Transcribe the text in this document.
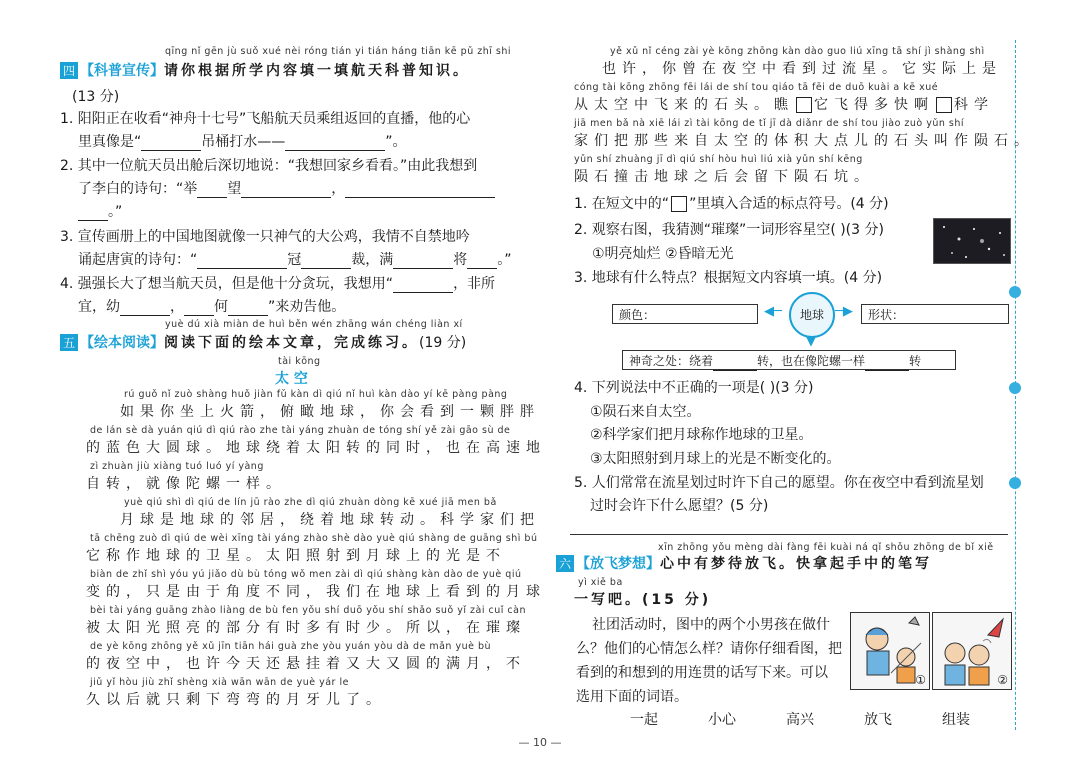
qīng nǐ gēn jù suǒ xué nèi róng tián yi tián háng tiān kē pǔ zhī shi
四 【科普宣传】请你根据所学内容填一填航天科普知识。
(13 分)
1. 阳阳正在收看“神舟十七号”飞船航天员乘组返回的直播，他的心
里真像是“	吊桶打水——	”。
2. 其中一位航天员出舱后深切地说：“我想回家乡看看。”由此我想到
了李白的诗句：“举 望	，
。”
3. 宣传画册上的中国地图就像一只神气的大公鸡，我情不自禁地吟
诵起唐寅的诗句：“	冠	裁，满	将 。”
4. 强强长大了想当航天员，但是他十分贪玩，我想用“	，非所
宜，幼	， 何	”来劝告他。
yuè dú xià miàn de huì běn wén zhāng wán chéng liàn xí
五 【绘本阅读】阅读下面的绘本文章，完成练习。(19 分)
tài kōng
太 空
rú guǒ nǐ zuò shàng huǒ jiàn fǔ kàn dì qiú nǐ huì kàn dào yí kē pàng pàng
如果你坐上火箭，俯瞰地球，你会看到一颗胖胖
de lán sè dà yuán qiú dì qiú rào zhe tài yáng zhuàn de tóng shí yě zài gāo sù de
的蓝色大圆球。地球绕着太阳转的同时，也在高速地
zì zhuàn jiù xiàng tuó luó yí yàng
自转，就像陀螺一样。
yuè qiú shì dì qiú de lín jū rào zhe dì qiú zhuàn dòng kē xué jiā men bǎ
月球是地球的邻居，绕着地球转动。科学家们把
tā chēng zuò dì qiú de wèi xīng tài yáng zhào shè dào yuè qiú shàng de guāng shì bú
它称作地球的卫星。太阳照射到月球上的光是不
biàn de zhǐ shì yóu yú jiǎo dù bù tóng wǒ men zài dì qiú shàng kàn dào de yuè qiú
变的，只是由于角度不同，我们在地球上看到的月球
bèi tài yáng guāng zhào liàng de bù fen yǒu shí duō yǒu shí shǎo suǒ yǐ zài cuǐ càn
被太阳光照亮的部分有时多有时少。所以，在璀璨
de yè kōng zhōng yě xǔ jīn tiān hái guà zhe yòu yuán yòu dà de mǎn yuè bù
的夜空中，也许今天还悬挂着又大又圆的满月，不
jiǔ yǐ hòu jiù zhǐ shèng xià wān wān de yuè yár le
久以后就只剩下弯弯的月牙儿了。
yě xǔ nǐ céng zài yè kōng zhōng kàn dào guo liú xīng tā shí jì shàng shì
也许，你曾在夜空中看到过流星。它实际上是
cóng tài kōng zhōng fēi lái de shí tou qiáo tā fēi de duō kuài a kē xué
从太空中飞来的石头。瞧 它飞得多快啊 科学
jiā men bǎ nà xiē lái zì tài kōng de tǐ jī dà diǎnr de shí tou jiào zuò yǔn shí
家们把那些来自太空的体积大点儿的石头叫作陨石。
yǔn shí zhuàng jī dì qiú shí hòu huì liú xià yǔn shí kēng
陨石撞击地球之后会留下陨石坑。
1. 在短文中的“ ”里填入合适的标点符号。(4 分)
2. 观察右图，我猜测“璀璨”一词形容星空( )(3 分)
①明亮灿烂 ②昏暗无光
3. 地球有什么特点？根据短文内容填一填。(4 分)
颜色：	◀─	地球 ─▶	形状：
▼
神奇之处：绕着	转，也在像陀螺一样	转
4. 下列说法中不正确的一项是( )(3 分)
①陨石来自太空。
②科学家们把月球称作地球的卫星。
③太阳照射到月球上的光是不断变化的。
5. 人们常常在流星划过时许下自己的愿望。你在夜空中看到流星划
过时会许下什么愿望？(5 分)
xīn zhōng yǒu mèng dài fàng fēi kuài ná qǐ shǒu zhōng de bǐ xiě
六 【放飞梦想】心中有梦待放飞。快拿起手中的笔写
yì xiě ba
一写吧。(15 分)
社团活动时，图中的两个小男孩在做什
么？他们的心情怎么样？请你仔细看图，把
看到的和想到的用连贯的话写下来。可以
选用下面的词语。
①	②
一起	小心	高兴	放飞	组装
— 10 —
